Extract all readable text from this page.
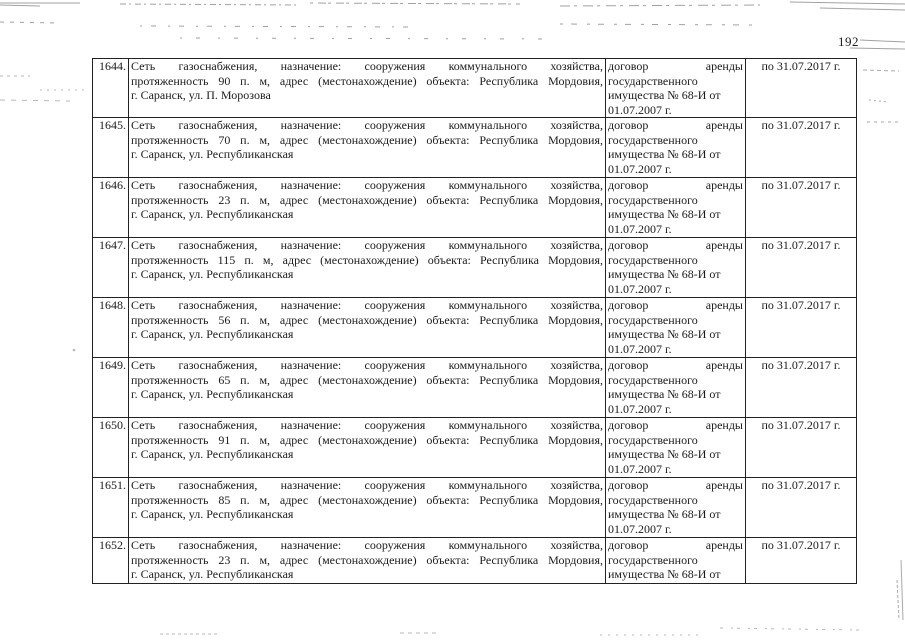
192
1644.	Сеть газоснабжения, назначение: сооружения коммунального хозяйства,
протяженность 90 п. м, адрес (местонахождение) объекта: Республика Мордовия,
г. Саранск, ул. П. Морозова	договор аренды
государственного
имущества № 68-И от
01.07.2007 г.	по 31.07.2017 г.
1645.	Сеть газоснабжения, назначение: сооружения коммунального хозяйства,
протяженность 70 п. м, адрес (местонахождение) объекта: Республика Мордовия,
г. Саранск, ул. Республиканская	договор аренды
государственного
имущества № 68-И от
01.07.2007 г.	по 31.07.2017 г.
1646.	Сеть газоснабжения, назначение: сооружения коммунального хозяйства,
протяженность 23 п. м, адрес (местонахождение) объекта: Республика Мордовия,
г. Саранск, ул. Республиканская	договор аренды
государственного
имущества № 68-И от
01.07.2007 г.	по 31.07.2017 г.
1647.	Сеть газоснабжения, назначение: сооружения коммунального хозяйства,
протяженность 115 п. м, адрес (местонахождение) объекта: Республика Мордовия,
г. Саранск, ул. Республиканская	договор аренды
государственного
имущества № 68-И от
01.07.2007 г.	по 31.07.2017 г.
1648.	Сеть газоснабжения, назначение: сооружения коммунального хозяйства,
протяженность 56 п. м, адрес (местонахождение) объекта: Республика Мордовия,
г. Саранск, ул. Республиканская	договор аренды
государственного
имущества № 68-И от
01.07.2007 г.	по 31.07.2017 г.
1649.	Сеть газоснабжения, назначение: сооружения коммунального хозяйства,
протяженность 65 п. м, адрес (местонахождение) объекта: Республика Мордовия,
г. Саранск, ул. Республиканская	договор аренды
государственного
имущества № 68-И от
01.07.2007 г.	по 31.07.2017 г.
1650.	Сеть газоснабжения, назначение: сооружения коммунального хозяйства,
протяженность 91 п. м, адрес (местонахождение) объекта: Республика Мордовия,
г. Саранск, ул. Республиканская	договор аренды
государственного
имущества № 68-И от
01.07.2007 г.	по 31.07.2017 г.
1651.	Сеть газоснабжения, назначение: сооружения коммунального хозяйства,
протяженность 85 п. м, адрес (местонахождение) объекта: Республика Мордовия,
г. Саранск, ул. Республиканская	договор аренды
государственного
имущества № 68-И от
01.07.2007 г.	по 31.07.2017 г.
1652.	Сеть газоснабжения, назначение: сооружения коммунального хозяйства,
протяженность 23 п. м, адрес (местонахождение) объекта: Республика Мордовия,
г. Саранск, ул. Республиканская	договор аренды
государственного
имущества № 68-И от	по 31.07.2017 г.
